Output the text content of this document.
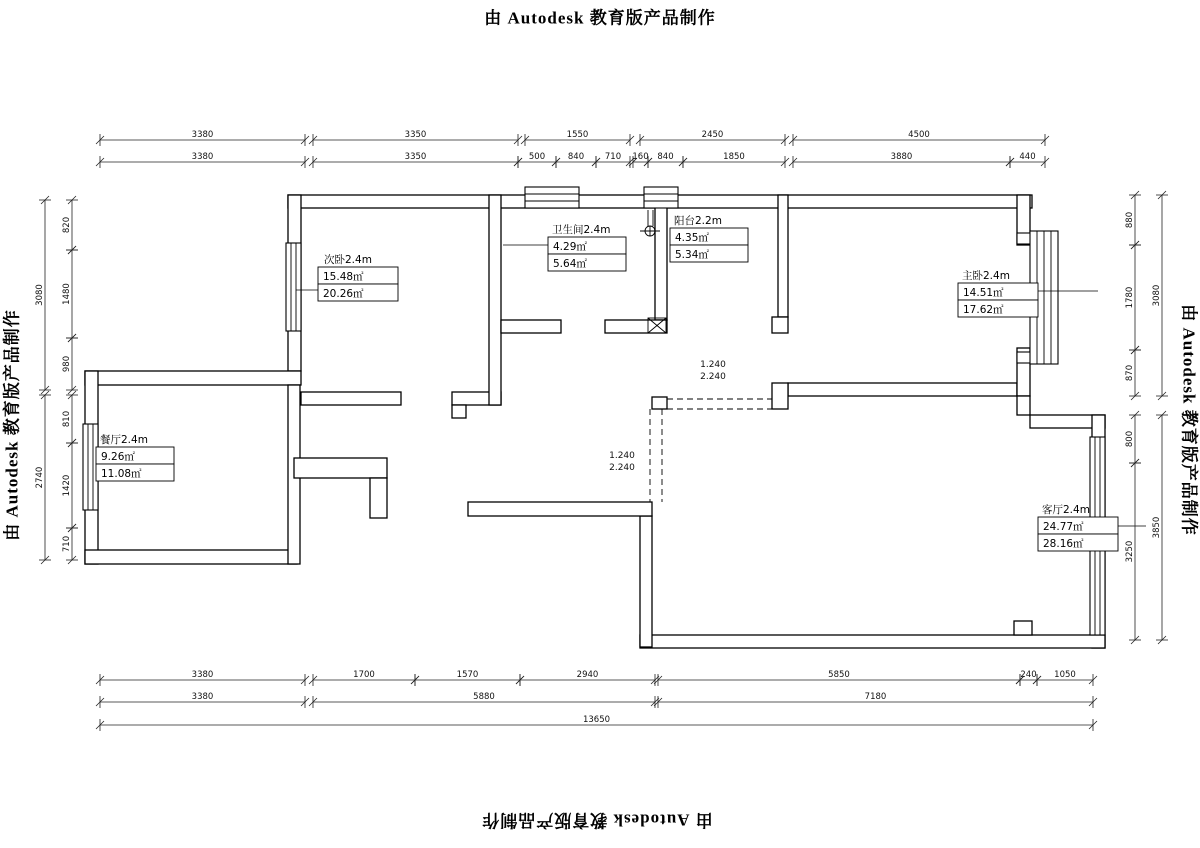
由 Autodesk 教育版产品制作
由 Autodesk 教育版产品制作
由 Autodesk 教育版产品制作	由 Autodesk 教育版产品制作
次卧2.4m
15.48㎡
20.26㎡
卫生间2.4m
4.29㎡
5.64㎡
阳台2.2m
4.35㎡
5.34㎡
主卧2.4m
14.51㎡
17.62㎡
餐厅2.4m
9.26㎡
11.08㎡
客厅2.4m
24.77㎡
28.16㎡
1.240
2.240
1.240
2.240
3380	3350	1550	2450	4500
3380	3350	500	840 710 160 840	1850	3880	440
3380	1700	1570	2940	5850	240 1050
3380	5880	7180
13650
3080
2740
820
1480
980
810
1420
710
880
1780
870
800
3250
3080
3850
